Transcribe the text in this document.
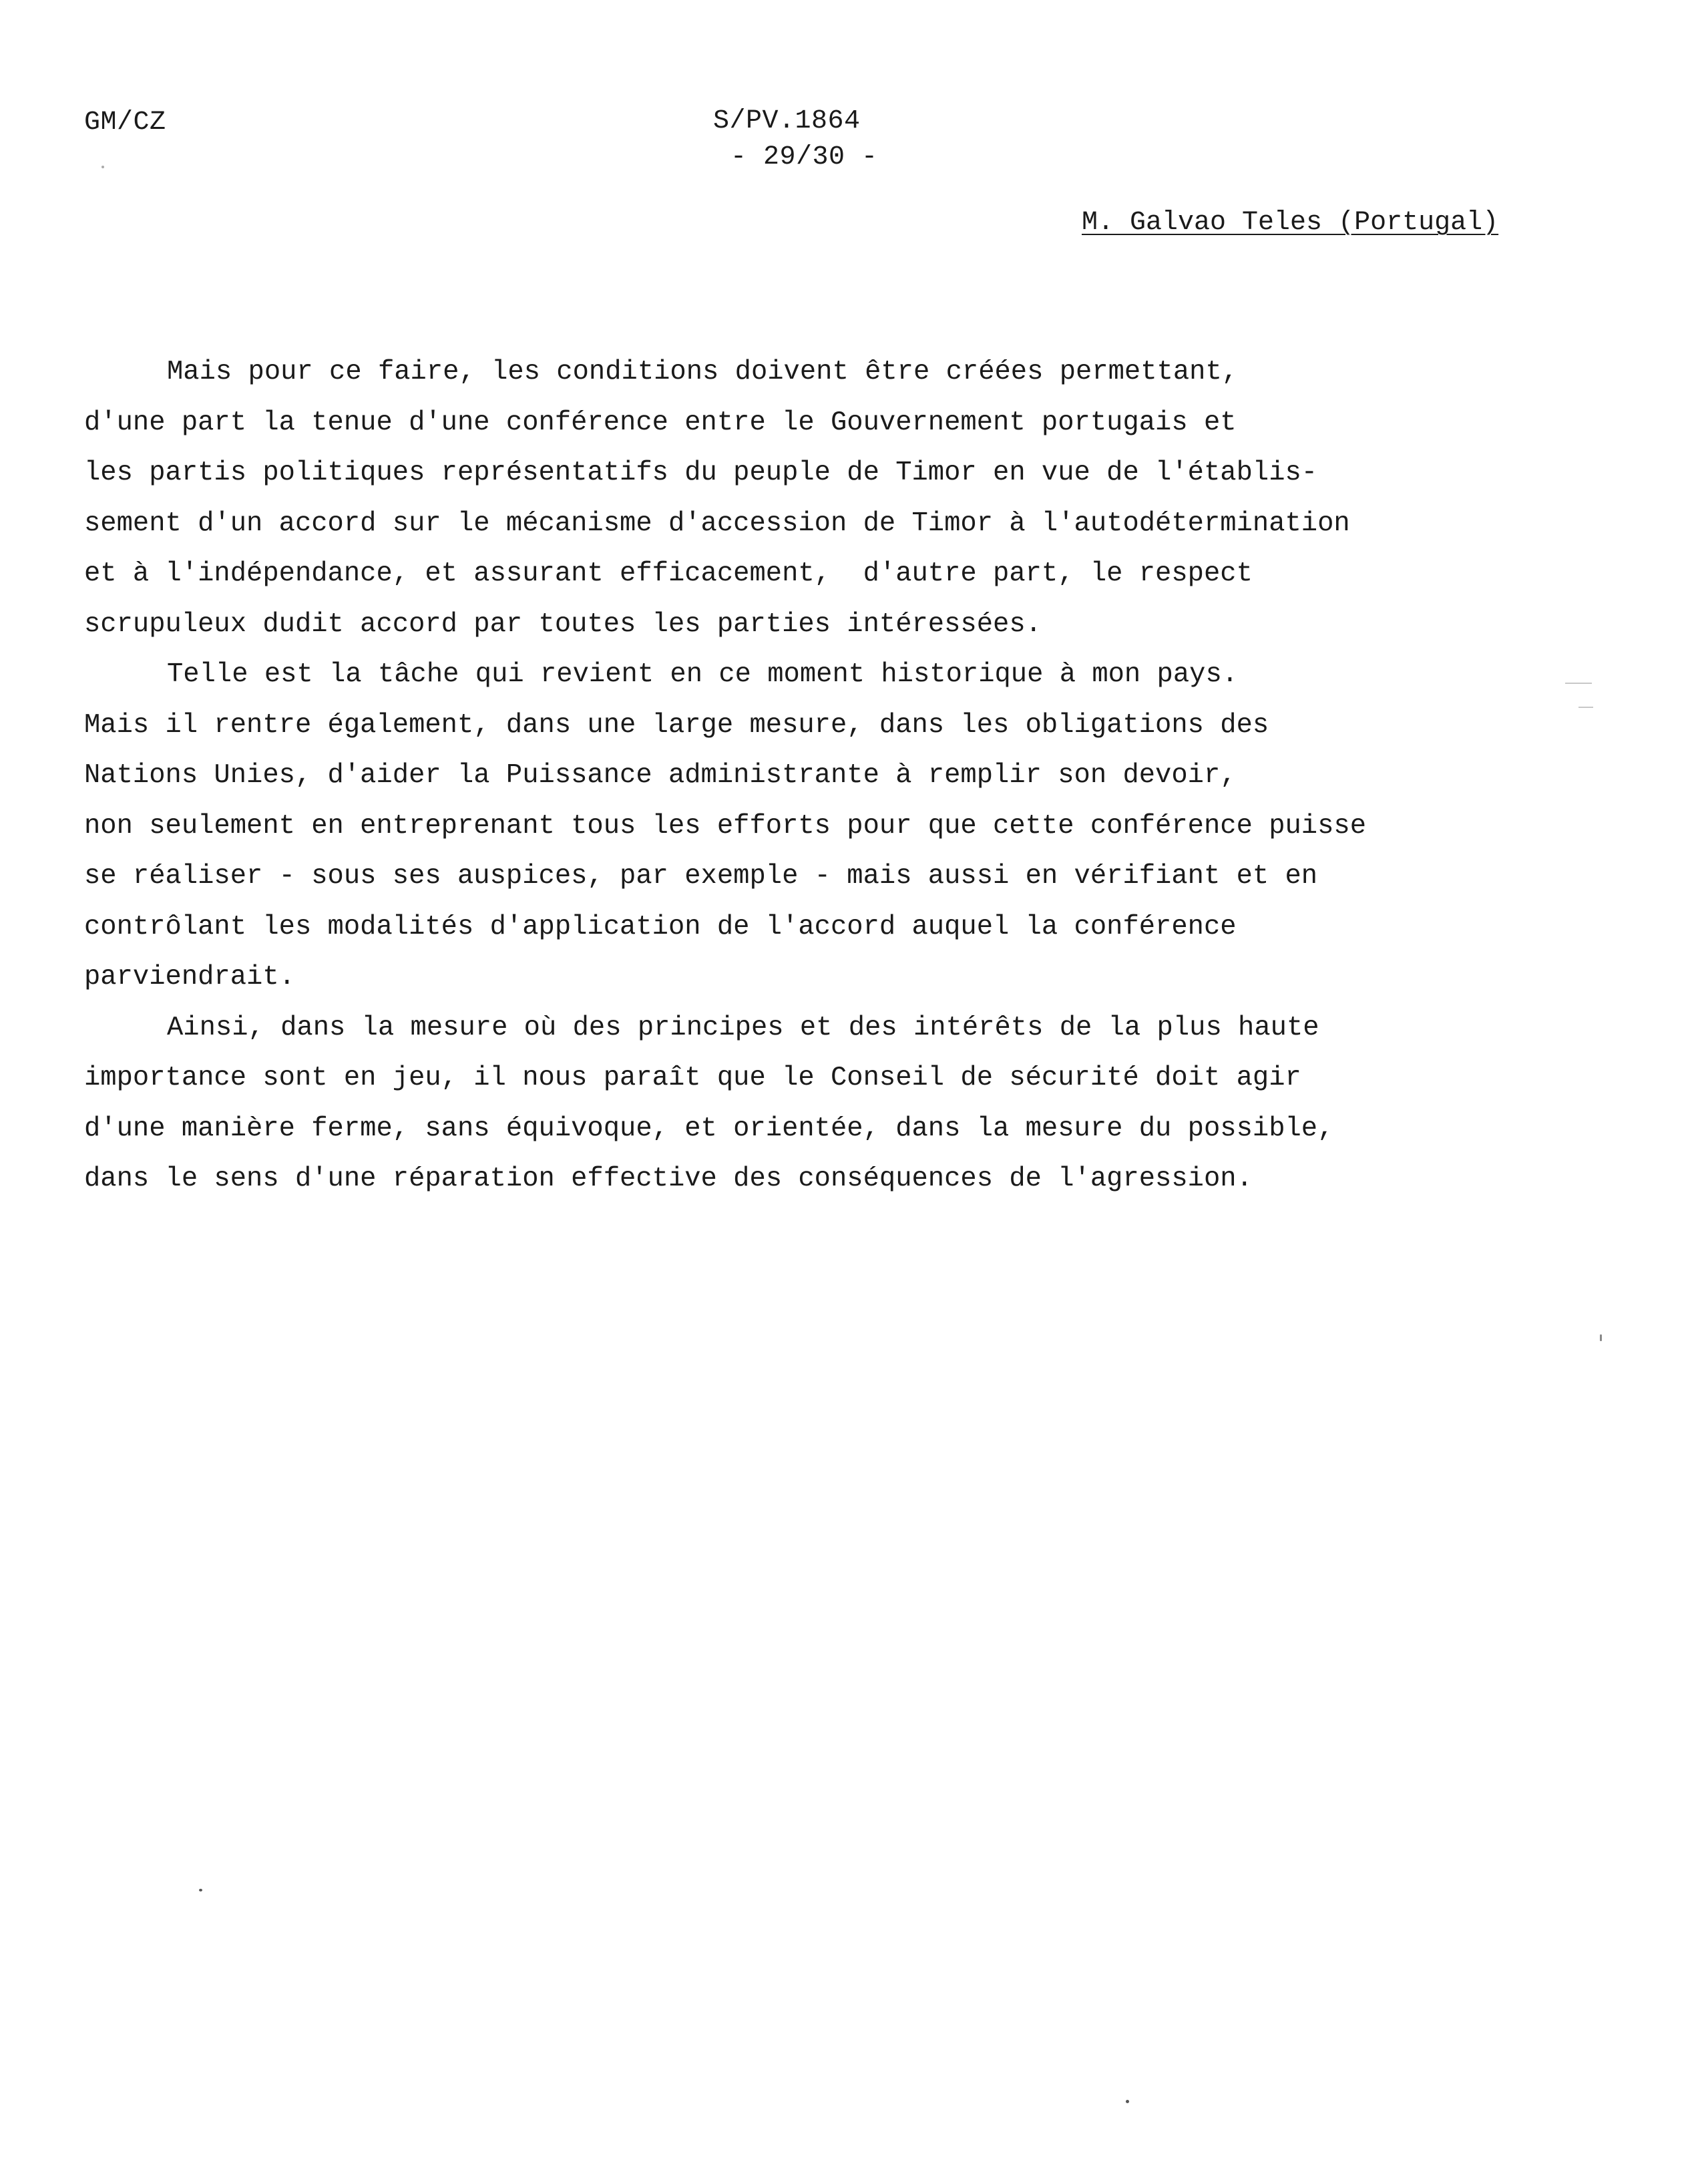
GM/CZ	S/PV.1864
- 29/30 -
M. Galvao Teles (Portugal)
Mais pour ce faire, les conditions doivent être créées permettant,
d'une part la tenue d'une conférence entre le Gouvernement portugais et
les partis politiques représentatifs du peuple de Timor en vue de l'établis-
sement d'un accord sur le mécanisme d'accession de Timor à l'autodétermination
et à l'indépendance, et assurant efficacement,  d'autre part, le respect
scrupuleux dudit accord par toutes les parties intéressées.
Telle est la tâche qui revient en ce moment historique à mon pays.
Mais il rentre également, dans une large mesure, dans les obligations des
Nations Unies, d'aider la Puissance administrante à remplir son devoir,
non seulement en entreprenant tous les efforts pour que cette conférence puisse
se réaliser - sous ses auspices, par exemple - mais aussi en vérifiant et en
contrôlant les modalités d'application de l'accord auquel la conférence
parviendrait.
Ainsi, dans la mesure où des principes et des intérêts de la plus haute
importance sont en jeu, il nous paraît que le Conseil de sécurité doit agir
d'une manière ferme, sans équivoque, et orientée, dans la mesure du possible,
dans le sens d'une réparation effective des conséquences de l'agression.
